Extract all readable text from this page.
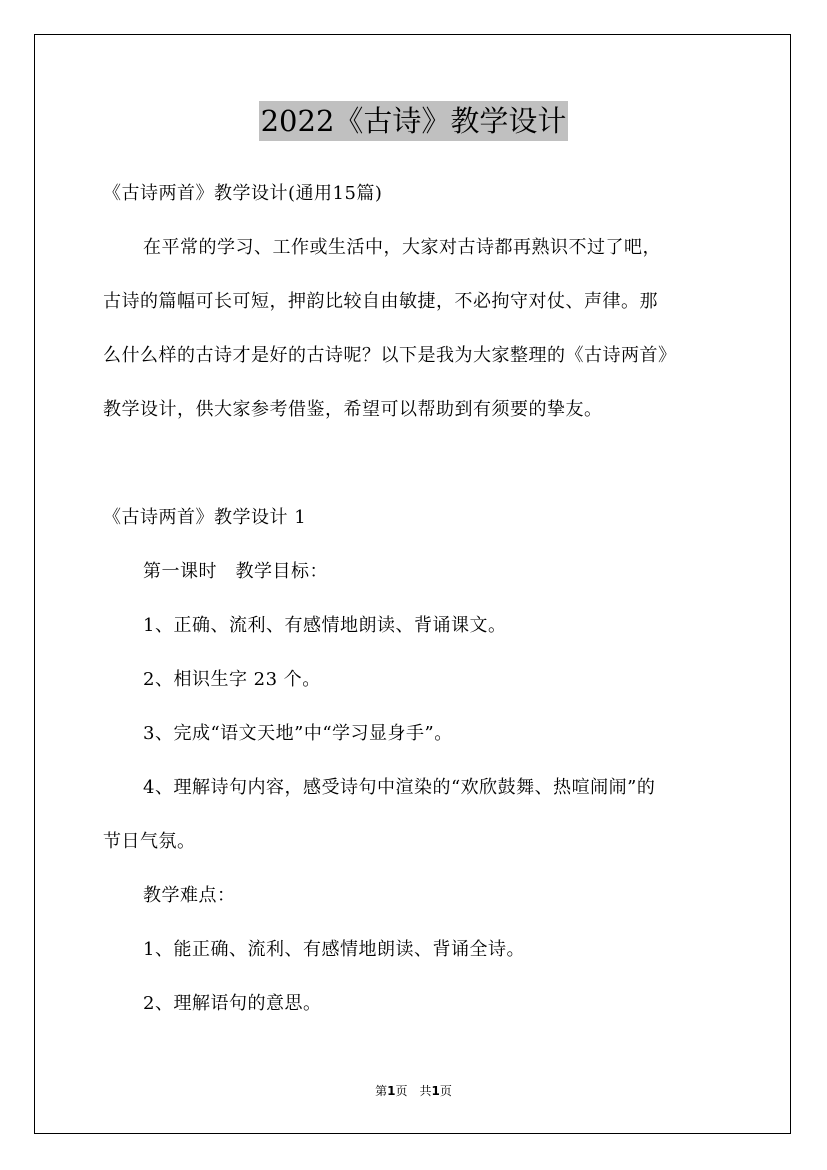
2022《古诗》教学设计
《古诗两首》教学设计(通用15篇)
在平常的学习、工作或生活中，大家对古诗都再熟识不过了吧，
古诗的篇幅可长可短，押韵比较自由敏捷，不必拘守对仗、声律。那
么什么样的古诗才是好的古诗呢？以下是我为大家整理的《古诗两首》
教学设计，供大家参考借鉴，希望可以帮助到有须要的挚友。
《古诗两首》教学设计 1
第一课时　教学目标：
1、正确、流利、有感情地朗读、背诵课文。
2、相识生字 23 个。
3、完成“语文天地”中“学习显身手”。
4、理解诗句内容，感受诗句中渲染的“欢欣鼓舞、热喧闹闹”的
节日气氛。
教学难点：
1、能正确、流利、有感情地朗读、背诵全诗。
2、理解语句的意思。
第1页　共1页
